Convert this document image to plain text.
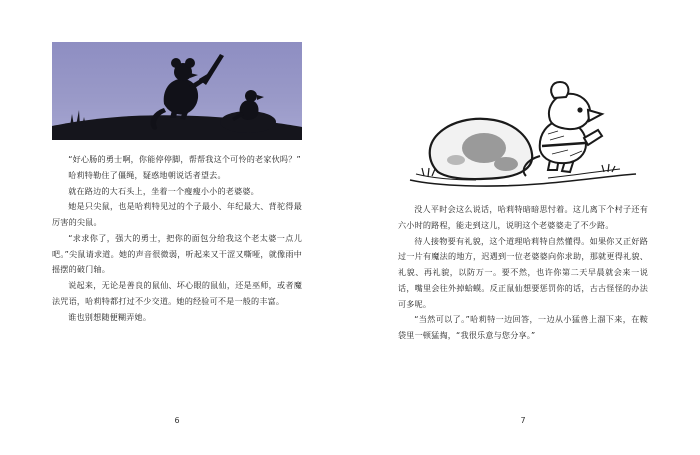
“好心肠的勇士啊，你能停停脚，帮帮我这个可怜的老家伙吗？”

哈莉特勒住了僵绳，疑惑地朝说话者望去。

就在路边的大石头上，坐着一个瘦瘦小小的老婆婆。

她是只尖鼠，也是哈莉特见过的个子最小、年纪最大、背驼得最厉害的尖鼠。

“求求你了，强大的勇士，把你的面包分给我这个老太婆一点儿吧。”尖鼠请求道。她的声音很微弱，听起来又干涩又嘶哑，就像雨中摇摆的破门轴。

说起来，无论是善良的鼠仙、坏心眼的鼠仙，还是巫师，或者魔法咒语，哈莉特都打过不少交道。她的经验可不是一般的丰富。

谁也别想随便糊弄她。

6

没人平时会这么说话，哈莉特暗暗思忖着。这儿离下个村子还有六小时的路程，能走到这儿，说明这个老婆婆走了不少路。

待人接物要有礼貌，这个道理哈莉特自然懂得。如果你又正好路过一片有魔法的地方，迟遇到一位老婆婆向你求助，那就更得礼貌、礼貌、再礼貌，以防万一。要不然，也许你第二天早晨就会来一说话，嘴里会往外掉蛤蟆。反正鼠仙想要惩罚你的话，古古怪怪的办法可多呢。

“当然可以了。”哈莉特一边回答，一边从小猛兽上溜下来，在鞍袋里一顿猛掏，“我很乐意与您分享。”

7
